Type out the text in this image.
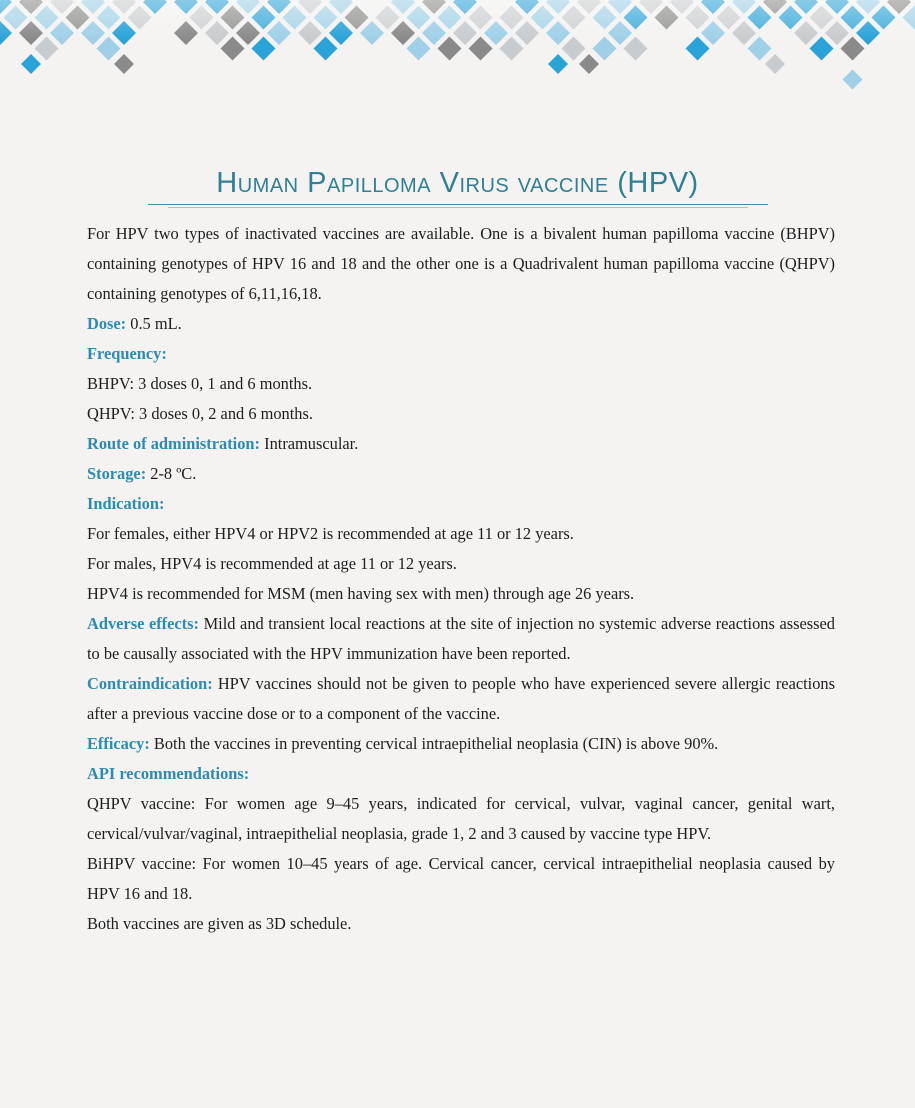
Human Papilloma Virus vaccine (HPV)

For HPV two types of inactivated vaccines are available. One is a bivalent human papilloma vaccine (BHPV) containing genotypes of HPV 16 and 18 and the other one is a Quadrivalent human papilloma vaccine (QHPV) containing genotypes of 6,11,16,18.

Dose: 0.5 mL.

Frequency:

BHPV: 3 doses 0, 1 and 6 months.

QHPV: 3 doses 0, 2 and 6 months.

Route of administration: Intramuscular.

Storage: 2-8 ºC.

Indication:

For females, either HPV4 or HPV2 is recommended at age 11 or 12 years.

For males, HPV4 is recommended at age 11 or 12 years.

HPV4 is recommended for MSM (men having sex with men) through age 26 years.

Adverse effects: Mild and transient local reactions at the site of injection no systemic adverse reactions assessed to be causally associated with the HPV immunization have been reported.

Contraindication: HPV vaccines should not be given to people who have experienced severe allergic reactions after a previous vaccine dose or to a component of the vaccine.

Efficacy: Both the vaccines in preventing cervical intraepithelial neoplasia (CIN) is above 90%.

API recommendations:

QHPV vaccine: For women age 9–45 years, indicated for cervical, vulvar, vaginal cancer, genital wart, cervical/vulvar/vaginal, intraepithelial neoplasia, grade 1, 2 and 3 caused by vaccine type HPV.

BiHPV vaccine: For women 10–45 years of age. Cervical cancer, cervical intraepithelial neoplasia caused by HPV 16 and 18.

Both vaccines are given as 3D schedule.
